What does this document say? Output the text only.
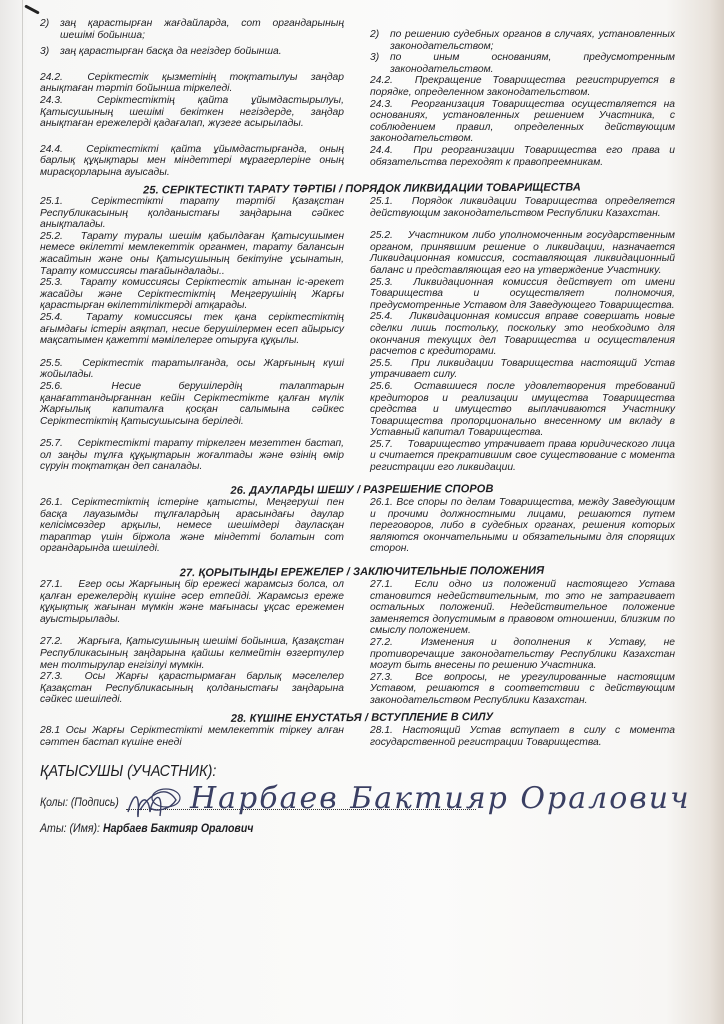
2)	заң қарастырған жағдайларда, сот органдарының шешімі бойынша;
3)	заң қарастырған басқа да негіздер бойынша.

24.2. Серіктестік қызметінің тоқтатылуы заңдар анықтаған тәртіп бойынша тіркеледі.

24.3.	Серіктестіктің қайта ұйымдастырылуы, Қатысушының шешімі бекіткен негіздерде, заңдар анықтаған ережелерді қадағалап, жүзеге асырылады.

24.4. Серіктестікті қайта ұйымдастырғанда, оның барлық құқықтары мен міндеттері мұрагерлеріне оның мирасқорларына ауысады.

2)	по решению судебных органов в случаях, установленных законодательством;
3)	по иным основаниям, предусмотренным законодательством.

24.2. Прекращение Товарищества регистрируется в порядке, определенном законодательством.

24.3. Реорганизация Товарищества осуществляется на основаниях, установленных решением Участника, с соблюдением правил, определенных действующим законодательством.

24.4. При реорганизации Товарищества его права и обязательства переходят к правопреемникам.

25. СЕРІКТЕСТІКТІ ТАРАТУ ТӘРТІБІ / ПОРЯДОК ЛИКВИДАЦИИ ТОВАРИЩЕСТВА

25.1.	Серіктестікті тарату тәртібі Қазақстан Республикасының қолданыстағы заңдарына сәйкес анықталады.

25.2. Тарату туралы шешім қабылдаған Қатысушымен немесе өкілетті мемлекеттік органмен, тарату балансын жасайтын және оны Қатысушының бекітуіне ұсынатын, Тарату комиссиясы тағайындалады..

25.3. Тарату комиссиясы Серіктестік атынан іс-әрекет жасайды және Серіктестіктің Меңгерушінің Жарғы қарастырған өкілеттіліктерді атқарады.

25.4. Тарату комиссиясы тек қана серіктестіктің ағымдағы істерін аяқтап, несие берушілермен есеп айырысу мақсатымен қажетті мәмілелерге отыруға құқылы.

25.5. Серіктестік таратылғанда, осы Жарғының күші жойылады.

25.6.	Несие берушілердің талаптарын қанағаттандырғаннан кейін Серіктестікте қалған мүлік Жарғылық капиталға қосқан салымына сәйкес Серіктестіктің Қатысушысына беріледі.

25.7. Серіктестікті тарату тіркелген мезеттен бастап, ол заңды тұлға құқықтарын жоғалтады және өзінің өмір сүруін тоқтатқан деп саналады.

25.1. Порядок ликвидации Товарищества определяется действующим законодательством Республики Казахстан.

25.2. Участником либо уполномоченным государственным органом, принявшим решение о ликвидации, назначается Ликвидационная комиссия, составляющая ликвидационный баланс и представляющая его на утверждение Участнику.

25.3. Ликвидационная комиссия действует от имени Товарищества и осуществляет полномочия, предусмотренные Уставом для Заведующего Товарищества.

25.4. Ликвидационная комиссия вправе совершать новые сделки лишь постольку, поскольку это необходимо для окончания текущих дел Товарищества и осуществления расчетов с кредиторами.

25.5. При ликвидации Товарищества настоящий Устав утрачивает силу.

25.6. Оставшиеся после удовлетворения требований кредиторов и реализации имущества Товарищества средства и имущество выплачиваются Участнику Товарищества пропорционально внесенному им вкладу в Уставный капитал Товарищества.

25.7. Товарищество утрачивает права юридического лица и считается прекратившим свое существование с момента регистрации его ликвидации.

26. ДАУЛАРДЫ ШЕШУ / РАЗРЕШЕНИЕ СПОРОВ

26.1. Серіктестіктің істеріне қатысты, Меңгеруші пен басқа лауазымды тұлғалардың арасындағы даулар келісімсөздер арқылы, немесе шешімдері дауласқан тараптар үшін біржола және міндетті болатын сот органдарында шешіледі.

26.1. Все споры по делам Товарищества, между Заведующим и прочими должностными лицами, решаются путем переговоров, либо в судебных органах, решения которых являются окончательными и обязательными для спорящих сторон.

27. ҚОРЫТЫНДЫ ЕРЕЖЕЛЕР / ЗАКЛЮЧИТЕЛЬНЫЕ ПОЛОЖЕНИЯ

27.1. Егер осы Жарғының бір ережесі жарамсыз болса, ол қалған ережелердің күшіне әсер етпейді. Жарамсыз ереже құқықтық жағынан мүмкін және мағынасы ұқсас ережемен ауыстырылады.

27.2. Жарғыға, Қатысушының шешімі бойынша, Қазақстан Республикасының заңдарына қайшы келмейтін өзгертулер мен толтырулар енгізілуі мүмкін.

27.3. Осы Жарғы қарастырмаған барлық мәселелер Қазақстан Республикасының қолданыстағы заңдарына сәйкес шешіледі.

27.1. Если одно из положений настоящего Устава становится недействительным, то это не затрагивает остальных положений. Недействительное положение заменяется допустимым в правовом отношении, близким по смыслу положением.

27.2.	Изменения и дополнения к Уставу, не противоречащие законодательству Республики Казахстан могут быть внесены по решению Участника.

27.3. Все вопросы, не урегулированные настоящим Уставом, решаются в соответствии с действующим законодательством Республики Казахстан.

28. КҮШІНЕ ЕНУСТАТЬЯ / ВСТУПЛЕНИЕ В СИЛУ

28.1 Осы Жарғы Серіктестікті мемлекеттік тіркеу алған сәттен бастап күшіне енеді

28.1. Настоящий Устав вступает в силу с момента государственной регистрации Товарищества.

ҚАТЫСУШЫ (УЧАСТНИК):
Қолы: (Подпись)
Аты: (Имя): Нарбаев Бактияр Оралович
Нарбаев Бактияр Оралович
